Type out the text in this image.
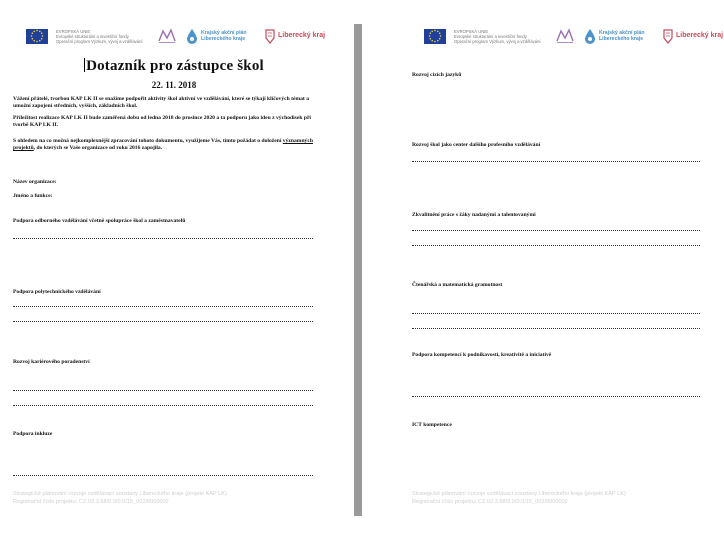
EVROPSKÁ UNIE
Evropské strukturální a investiční fondy
Operační program Výzkum, vývoj a vzdělávání
Krajský akční plán Libereckého kraje	Liberecký kraj
Dotazník pro zástupce škol
22. 11. 2018
Vážení přátelé, tvorbou KAP LK II se snažíme podpořit aktivity škol aktivní ve vzdělávání, které se týkají klíčových témat a umožní zapojení středních, vyšších, základních škol.
Příležitost realizace KAP LK II bude zaměřená dobu od ledna 2018 do prosince 2020 a ta podporu jako ideu z východisek při tvorbě KAP LK II.
S ohledem na co možná nejkomplexnější zpracování tohoto dokumentu, využijeme Vás, tímto požádat o doložení významných projektů, do kterých se Vaše organizace od roku 2016 zapojila.
Název organizace:
Jméno a funkce:
Podpora odborného vzdělávání včetně spolupráce škol a zaměstnavatelů
Podpora polytechnického vzdělávání
Rozvoj kariérového poradenství
Podpora inkluze
Strategické plánování rozvoje vzdělávací soustavy Libereckého kraje (projekt KAP LK)
Registrační číslo projektu: CZ.02.3.68/0.0/0.0/15_002/0000002
EVROPSKÁ UNIE
Evropské strukturální a investiční fondy
Operační program Výzkum, vývoj a vzdělávání
Krajský akční plán Libereckého kraje	Liberecký kraj
Rozvoj cizích jazyků
Rozvoj škol jako center dalšího profesního vzdělávání
Zkvalitnění práce s žáky nadanými a talentovanými
Čtenářská a matematická gramotnost
Podpora kompetencí k podnikavosti, kreativitě a iniciativě
ICT kompetence
Strategické plánování rozvoje vzdělávací soustavy Libereckého kraje (projekt KAP LK)
Registrační číslo projektu: CZ.02.3.68/0.0/0.0/15_002/0000002
